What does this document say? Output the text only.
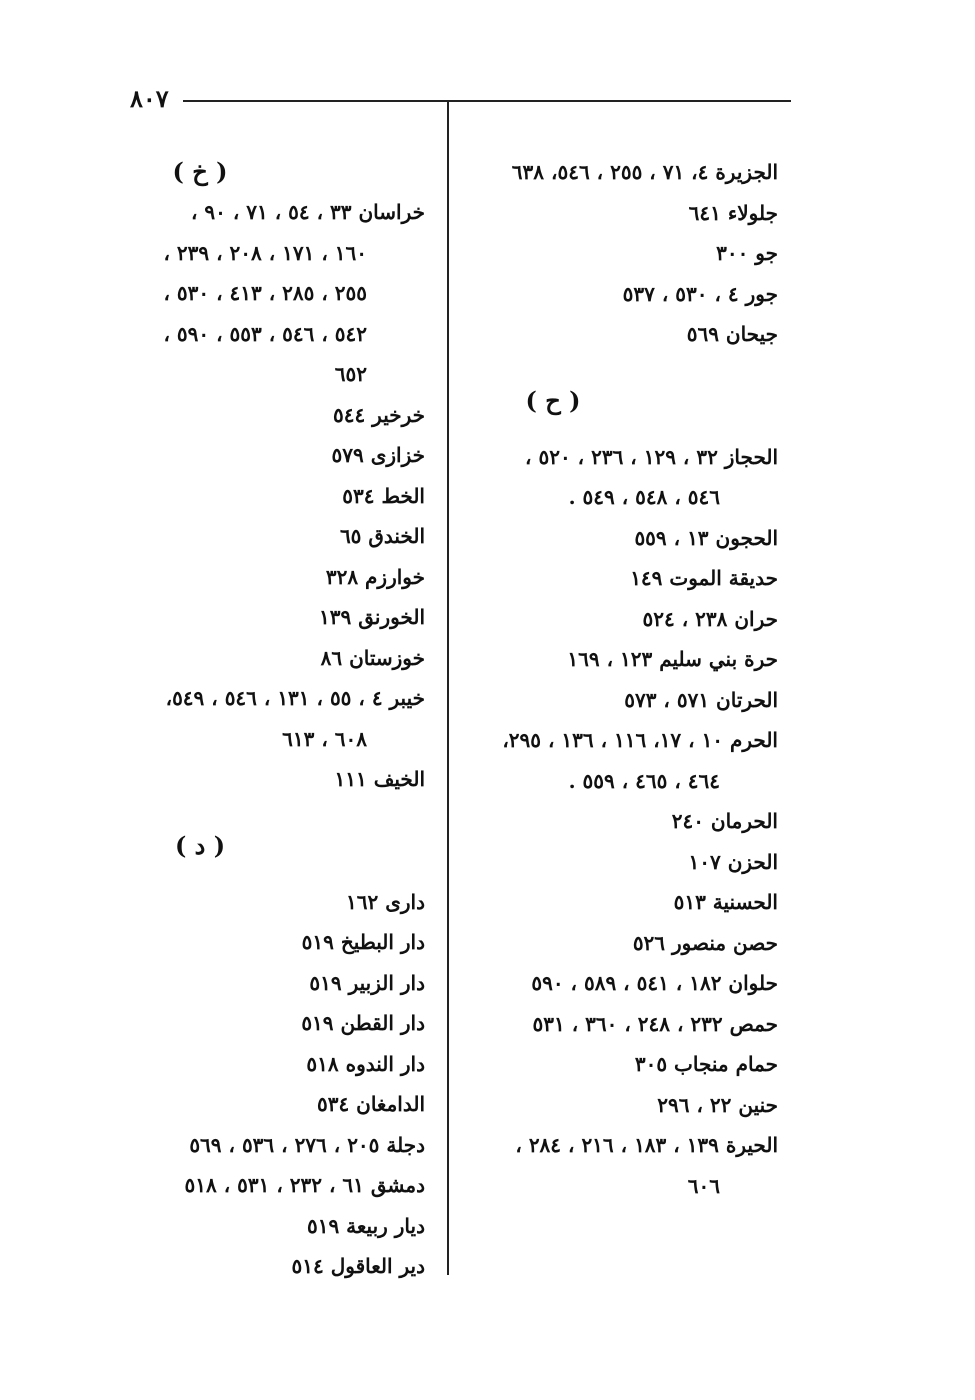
٨٠٧
الجزيرة ٤، ٧١ ، ٢٥٥ ، ٥٤٦، ٦٣٨
جلولاء ٦٤١
جو ٣٠٠
جور ٤ ، ٥٣٠ ، ٥٣٧
جيحان ٥٦٩
( ح )
الحجاز ٣٢ ، ١٢٩ ، ٢٣٦ ، ٥٢٠ ،
٥٤٦ ، ٥٤٨ ، ٥٤٩ .
الحجون ١٣ ، ٥٥٩
حديقة الموت ١٤٩
حران ٢٣٨ ، ٥٢٤
حرة بني سليم ١٢٣ ، ١٦٩
الحرتان ٥٧١ ، ٥٧٣
الحرم ١٠ ، ١٧، ١١٦ ، ١٣٦ ، ٢٩٥،
٤٦٤ ، ٤٦٥ ، ٥٥٩ .
الحرمان ٢٤٠
الحزن ١٠٧
الحسنية ٥١٣
حصن منصور ٥٢٦
حلوان ١٨٢ ، ٥٤١ ، ٥٨٩ ، ٥٩٠
حمص ٢٣٢ ، ٢٤٨ ، ٣٦٠ ، ٥٣١
حمام منجاب ٣٠٥
حنين ٢٢ ، ٢٩٦
الحيرة ١٣٩ ، ١٨٣ ، ٢١٦ ، ٢٨٤ ،
٦٠٦
( خ )
خراسان ٣٣ ، ٥٤ ، ٧١ ، ٩٠ ،
١٦٠ ، ١٧١ ، ٢٠٨ ، ٢٣٩ ،
٢٥٥ ، ٢٨٥ ، ٤١٣ ، ٥٣٠ ،
٥٤٢ ، ٥٤٦ ، ٥٥٣ ، ٥٩٠ ،
٦٥٢
خرخير ٥٤٤
خزازى ٥٧٩
الخط ٥٣٤
الخندق ٦٥
خوارزم ٣٢٨
الخورنق ١٣٩
خوزستان ٨٦
خيبر ٤ ، ٥٥ ، ١٣١ ، ٥٤٦ ، ٥٤٩،
٦٠٨ ، ٦١٣
الخيف ١١١
( د )
دارى ١٦٢
دار البطيخ ٥١٩
دار الزبير ٥١٩
دار القطن ٥١٩
دار الندوه ٥١٨
الدامغان ٥٣٤
دجلة ٢٠٥ ، ٢٧٦ ، ٥٣٦ ، ٥٦٩
دمشق ٦١ ، ٢٣٢ ، ٥٣١ ، ٥١٨
ديار ربيعة ٥١٩
دير العاقول ٥١٤
